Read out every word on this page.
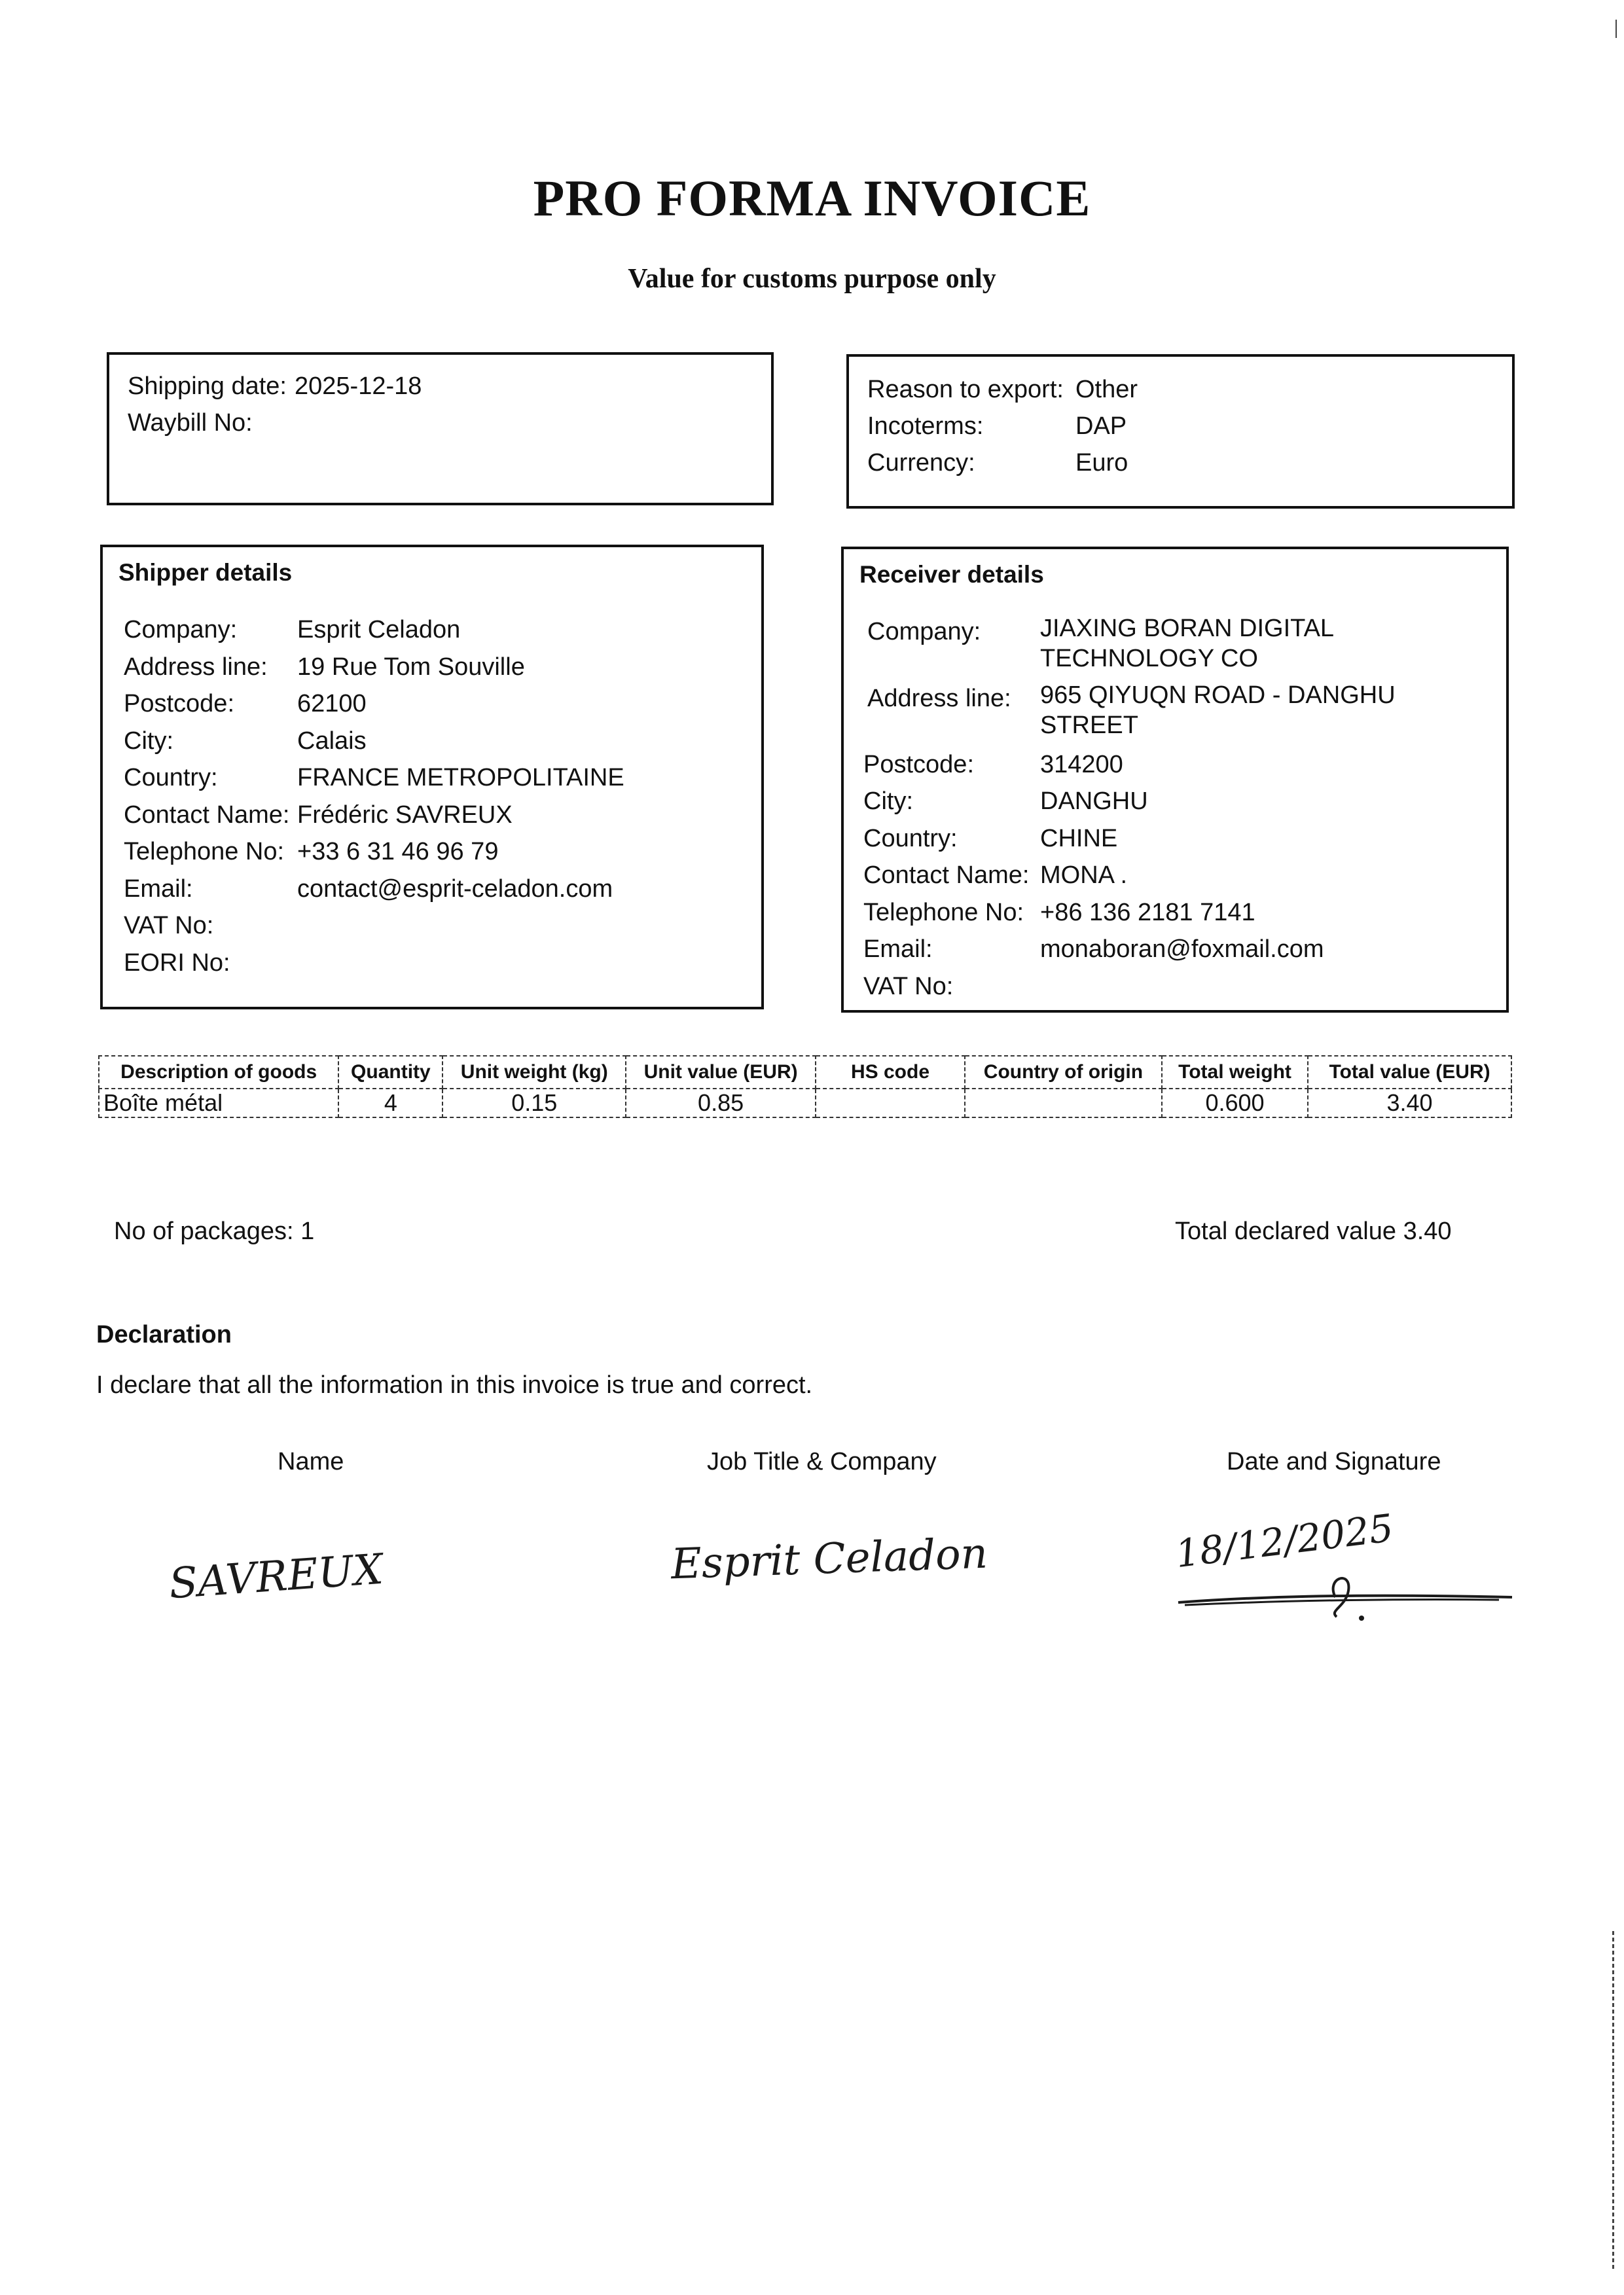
PRO FORMA INVOICE
Value for customs purpose only
Shipping date: 2025-12-18
Waybill No:
Reason to export: Other
Incoterms:	DAP
Currency:	Euro
Shipper details
Company: Esprit Celadon
Address line: 19 Rue Tom Souville
Postcode:	62100
City:	Calais
Country:	FRANCE METROPOLITAINE
Contact Name: Frédéric SAVREUX
Telephone No: +33 6 31 46 96 79
Email:	contact@esprit-celadon.com
VAT No:
EORI No:
Receiver details
Company: JIAXING BORAN DIGITAL
TECHNOLOGY CO
Address line: 965 QIYUQN ROAD - DANGHU
STREET
Postcode:	314200
City:	DANGHU
Country:	CHINE
Contact Name: MONA .
Telephone No: +86 136 2181 7141
Email:	monaboran@foxmail.com
VAT No:
Description of goods	Quantity	Unit weight (kg)	Unit value (EUR)	HS code	Country of origin	Total weight	Total value (EUR)
Boîte métal	4	0.15	0.85			0.600	3.40
No of packages: 1	Total declared value 3.40
Declaration
I declare that all the information in this invoice is true and correct.
Name	Job Title & Company	Date and Signature
SAVREUX	Esprit Celadon	18/12/2025
